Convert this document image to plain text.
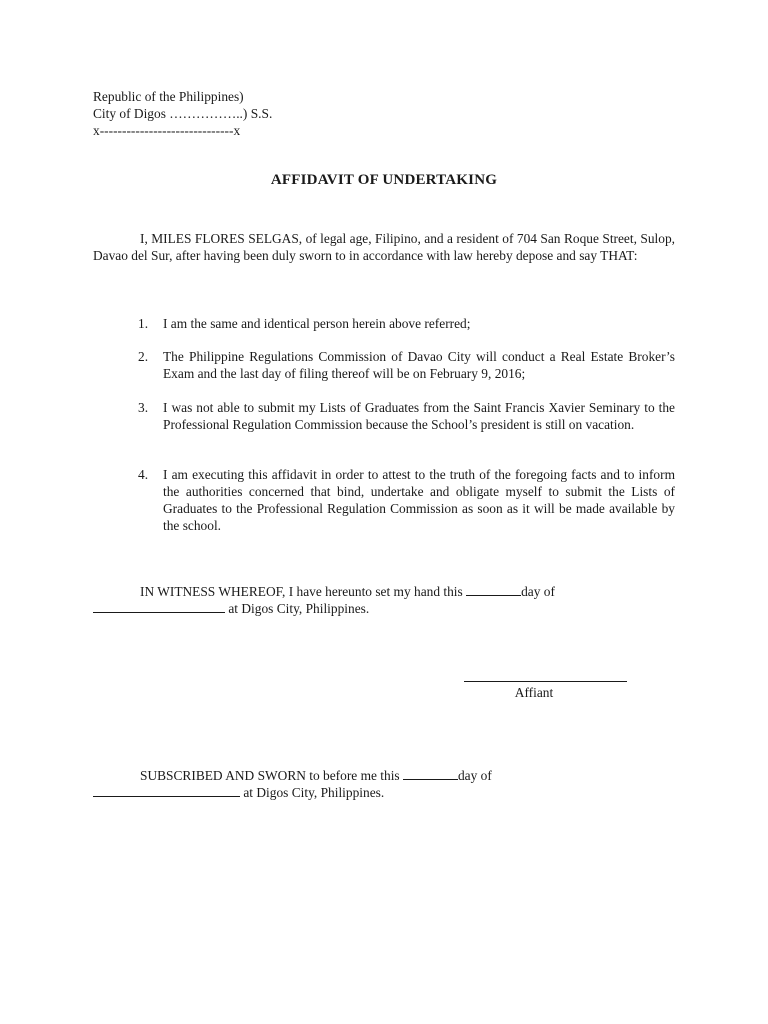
Republic of the Philippines)
City of Digos ……………..) S.S.
x------------------------------x
AFFIDAVIT OF UNDERTAKING
I, MILES FLORES SELGAS, of legal age, Filipino, and a resident of 704 San Roque Street, Sulop, Davao del Sur, after having been duly sworn to in accordance with law hereby depose and say THAT:
1.	I am the same and identical person herein above referred;
2.	The Philippine Regulations Commission of Davao City will conduct a Real Estate Broker’s Exam and the last day of filing thereof will be on February 9, 2016;
3.	I was not able to submit my Lists of Graduates from the Saint Francis Xavier Seminary to the Professional Regulation Commission because the School’s president is still on vacation.
4.	I am executing this affidavit in order to attest to the truth of the foregoing facts and to inform the authorities concerned that bind, undertake and obligate myself to submit the Lists of Graduates to the Professional Regulation Commission as soon as it will be made available by the school.
IN WITNESS WHEREOF, I have hereunto set my hand this	day of
at Digos City, Philippines.
Affiant
SUBSCRIBED AND SWORN to before me this	day of
at Digos City, Philippines.
